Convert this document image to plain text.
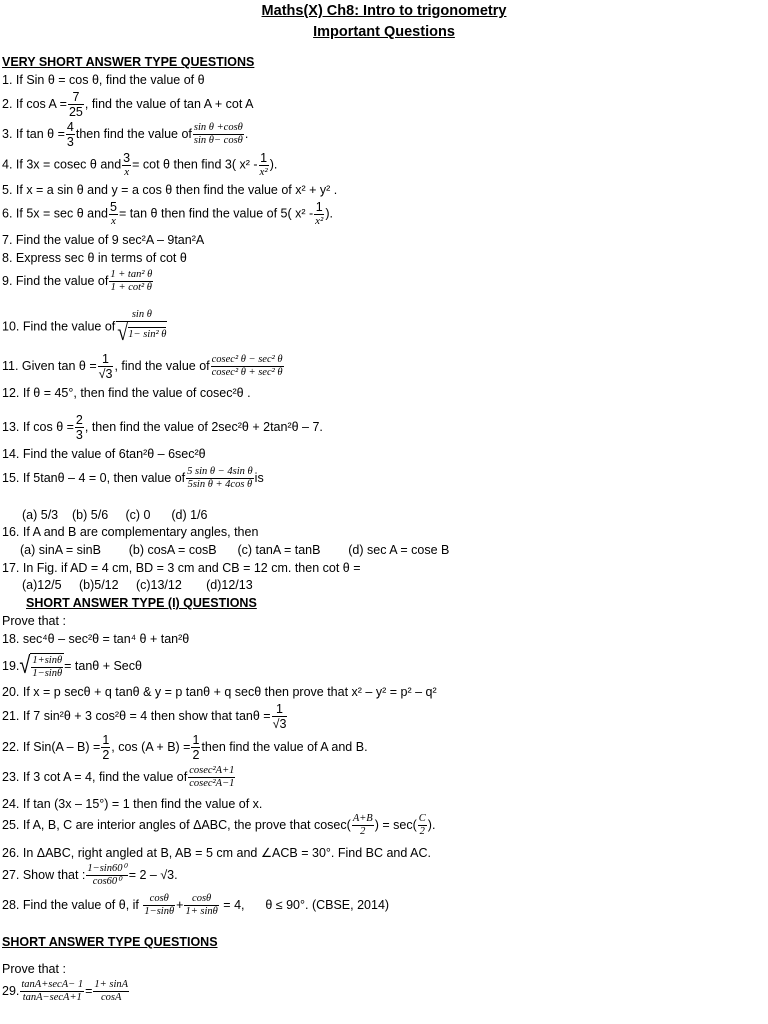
Maths(X) Ch8: Intro to trigonometry
Important Questions
VERY SHORT ANSWER TYPE QUESTIONS
1. If Sin θ = cos θ, find the value of θ
2. If $\cos A = \frac{7}{25}$ , find the value of tan A + cot A
3. If $\tan \theta = \frac{4}{3}$ then find the value of $\frac{\text{sin θ +cosθ}}{\text{sin θ− cosθ}}$ .
4. If 3x = cosec θ and $\frac{3}{x} = \cot \theta$ then find 3( $x^2 - \frac{1}{\text{x²}}$ ).
5. If x = a sin θ and y = a cos θ then find the value of x² + y² .
6. If 5x = sec θ and $\frac{5}{x} = \tan \theta$ then find the value of 5( $x^2 - \frac{1}{\text{x²}}$ ).
7. Find the value of 9 sec²A – 9tan²A
8. Express sec θ in terms of cot θ
9. Find the value of $\frac{\text{1 + tan² θ}}{\text{1 + cot² θ}}$
10. Find the value of $\frac{\text{sin θ}}{\text{√1− sin² θ}}$
11. Given $\tan \theta = \frac{1}{√3}$ , find the value of cosec² θ − sec² θ
cosec² θ + sec² θ
12. If θ = 45°, then find the value of cosec²θ .
13. If $\cos \theta = \frac{2}{3}$ , then find the value of 2sec²θ + 2tan²θ – 7.
14. Find the value of 6tan²θ – 6sec²θ
15. If 5tanθ – 4 = 0, then value of $\frac{\text{5 sin θ − 4sin θ}}{\text{5sin θ + 4cos θ}}$ is
(a) 5/3    (b) 5/6     (c) 0      (d) 1/6
16. If A and B are complementary angles, then
(a) sinA = sinB        (b) cosA = cosB      (c) tanA = tanB        (d) sec A = cose B
17. In Fig. if AD = 4 cm, BD = 3 cm and CB = 12 cm. then cot θ =
(a)12/5     (b)5/12     (c)13/12       (d)12/13
SHORT ANSWER TYPE (I) QUESTIONS
Prove that :
18. sec⁴θ – sec²θ = tan⁴ θ + tan²θ
$19.√ \frac{1+\sin\theta}{1-\sin\theta} = \tan\theta + Sec\theta$
20. If x = p secθ + q tanθ & y = p tanθ + q secθ then prove that x² – y² = p² – q²
21. If 7 sin²θ + 3 cos²θ = 4 then show that $\tan\theta = \frac{1}{√3}$
22. If $Sin(A - B) = \frac{1}{2}$ , $\cos (A + B) = \frac{1}{2}$ then find the value of A and B.
23. If 3 cot A = 4, find the value of $\frac{\text{cosec²A+1}}{\text{cosec²A−1}}$
24. If tan (3x – 15°) = 1 then find the value of x.
25. If A, B, C are interior angles of ΔABC, the prove that $cosec( \frac{A+B}{2}$ ) = $\sec( \frac{C}{2}$ ).
26. In ΔABC, right angled at B, AB = 5 cm and ∠ACB = 30°. Find BC and AC.
27. Show that : $\frac{\text{1−sin60⁰}}{\text{cos60⁰}} = 2 - √3$.
28. Find the value of θ, if $\frac{\cos\theta}{1-\sin\theta} + \frac{\cos\theta}{1+ \sin\theta} = 4$,      θ ≤ 90°. (CBSE, 2014)
SHORT ANSWER TYPE QUESTIONS
Prove that :
29. tanA+secA− 1
$\tan A-\sec A+1 = \frac{1+ \sin A}{\cos A}$
